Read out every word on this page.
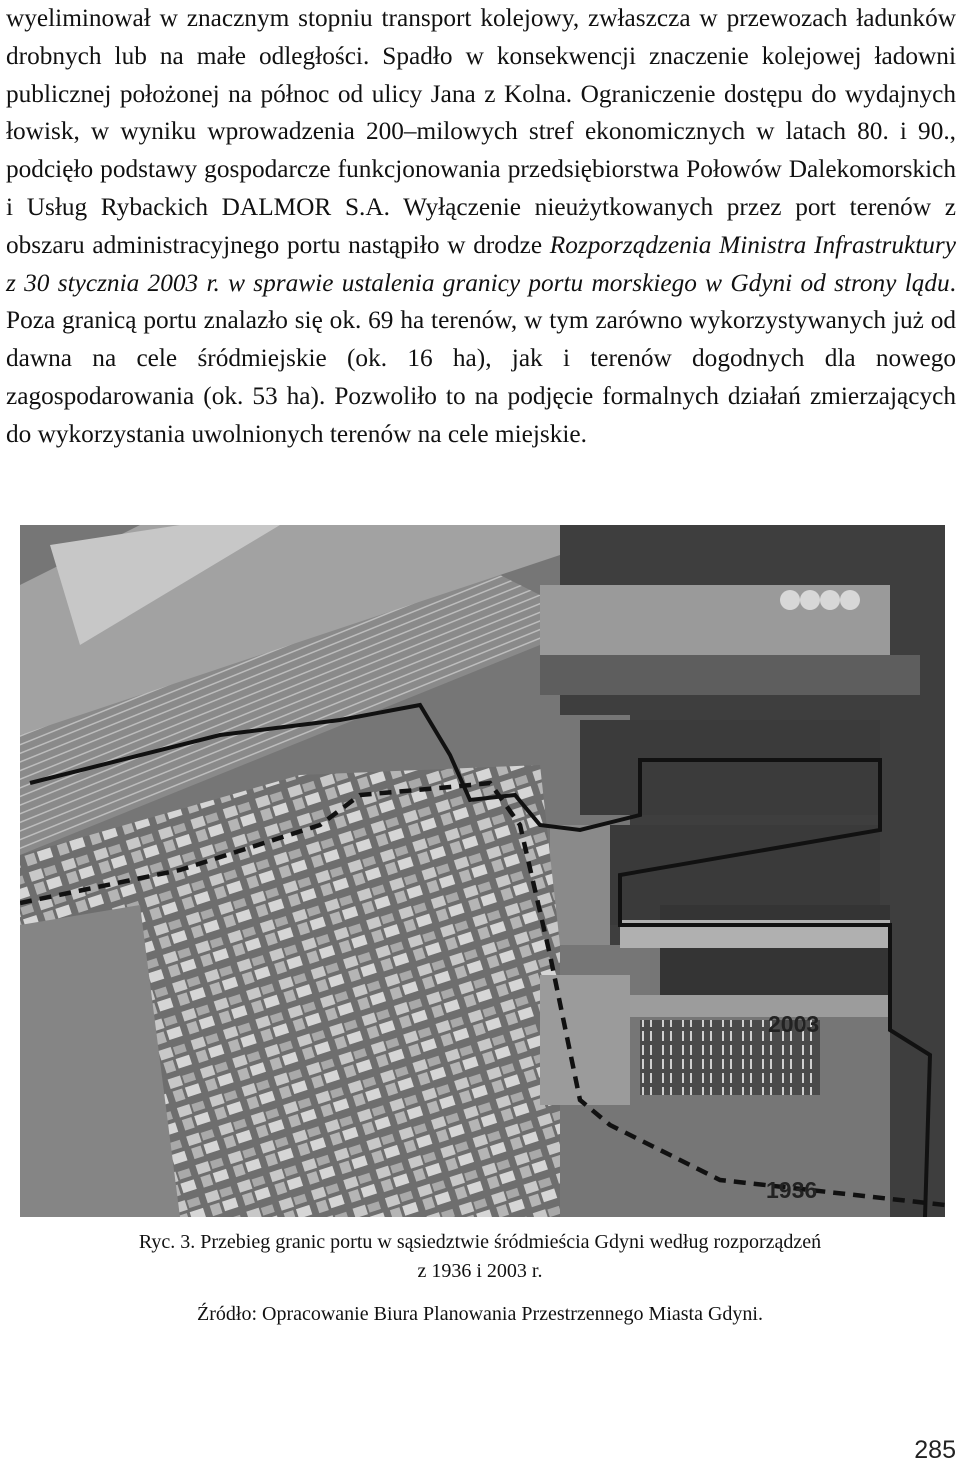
wyeliminował w znacznym stopniu transport kolejowy, zwłaszcza w przewozach ładunków drobnych lub na małe odległości. Spadło w konsekwencji znaczenie kolejowej ładowni publicznej położonej na północ od ulicy Jana z Kolna. Ograniczenie dostępu do wydajnych łowisk, w wyniku wprowadzenia 200–milowych stref ekonomicznych w latach 80. i 90., podcięło podstawy gospodarcze funkcjonowania przedsiębiorstwa Połowów Dalekomorskich i Usług Rybackich DALMOR S.A. Wyłączenie nieużytkowanych przez port terenów z obszaru administracyjnego portu nastąpiło w drodze Rozporządzenia Ministra Infrastruktury z 30 stycznia 2003 r. w sprawie ustalenia granicy portu morskiego w Gdyni od strony lądu. Poza granicą portu znalazło się ok. 69 ha terenów, w tym zarówno wykorzystywanych już od dawna na cele śródmiejskie (ok. 16 ha), jak i terenów dogodnych dla nowego zagospodarowania (ok. 53 ha). Pozwoliło to na podjęcie formalnych działań zmierzających do wykorzystania uwolnionych terenów na cele miejskie.

2003
1936
Ryc. 3. Przebieg granic portu w sąsiedztwie śródmieścia Gdyni według rozporządzeń
z 1936 i 2003 r.
Źródło: Opracowanie Biura Planowania Przestrzennego Miasta Gdyni.
285
